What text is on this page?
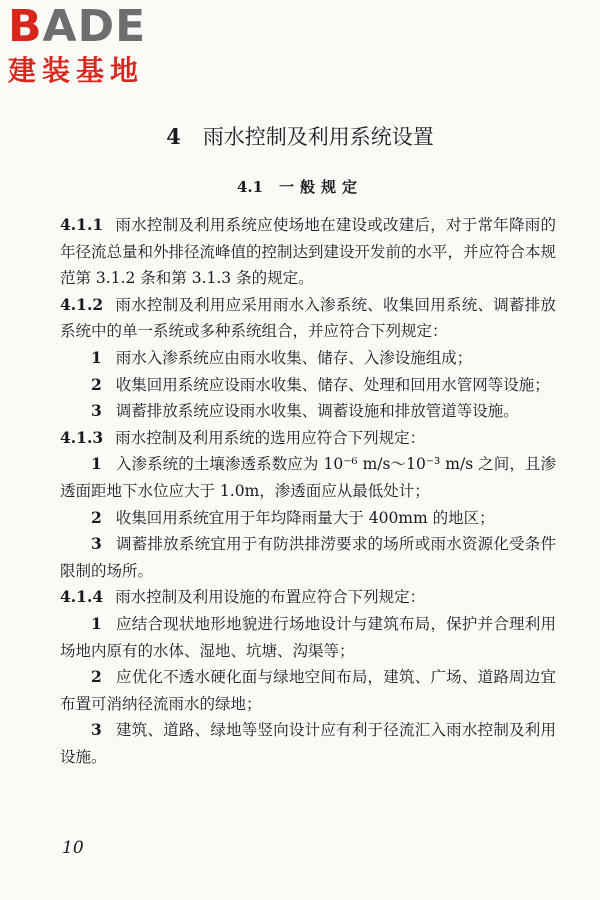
BADE
建装基地
4 雨水控制及利用系统设置
4.1 一般规定

4.1.1 雨水控制及利用系统应使场地在建设或改建后，对于常年降雨的年径流总量和外排径流峰值的控制达到建设开发前的水平，并应符合本规范第 3.1.2 条和第 3.1.3 条的规定。

4.1.2 雨水控制及利用应采用雨水入渗系统、收集回用系统、调蓄排放系统中的单一系统或多种系统组合，并应符合下列规定：

1 雨水入渗系统应由雨水收集、储存、入渗设施组成；

2 收集回用系统应设雨水收集、储存、处理和回用水管网等设施；

3 调蓄排放系统应设雨水收集、调蓄设施和排放管道等设施。

4.1.3 雨水控制及利用系统的选用应符合下列规定：

1 入渗系统的土壤渗透系数应为 10⁻⁶ m/s～10⁻³ m/s 之间，且渗透面距地下水位应大于 1.0m，渗透面应从最低处计；

2 收集回用系统宜用于年均降雨量大于 400mm 的地区；

3 调蓄排放系统宜用于有防洪排涝要求的场所或雨水资源化受条件限制的场所。

4.1.4 雨水控制及利用设施的布置应符合下列规定：

1 应结合现状地形地貌进行场地设计与建筑布局，保护并合理利用场地内原有的水体、湿地、坑塘、沟渠等；

2 应优化不透水硬化面与绿地空间布局，建筑、广场、道路周边宜布置可消纳径流雨水的绿地；

3 建筑、道路、绿地等竖向设计应有利于径流汇入雨水控制及利用设施。

10
